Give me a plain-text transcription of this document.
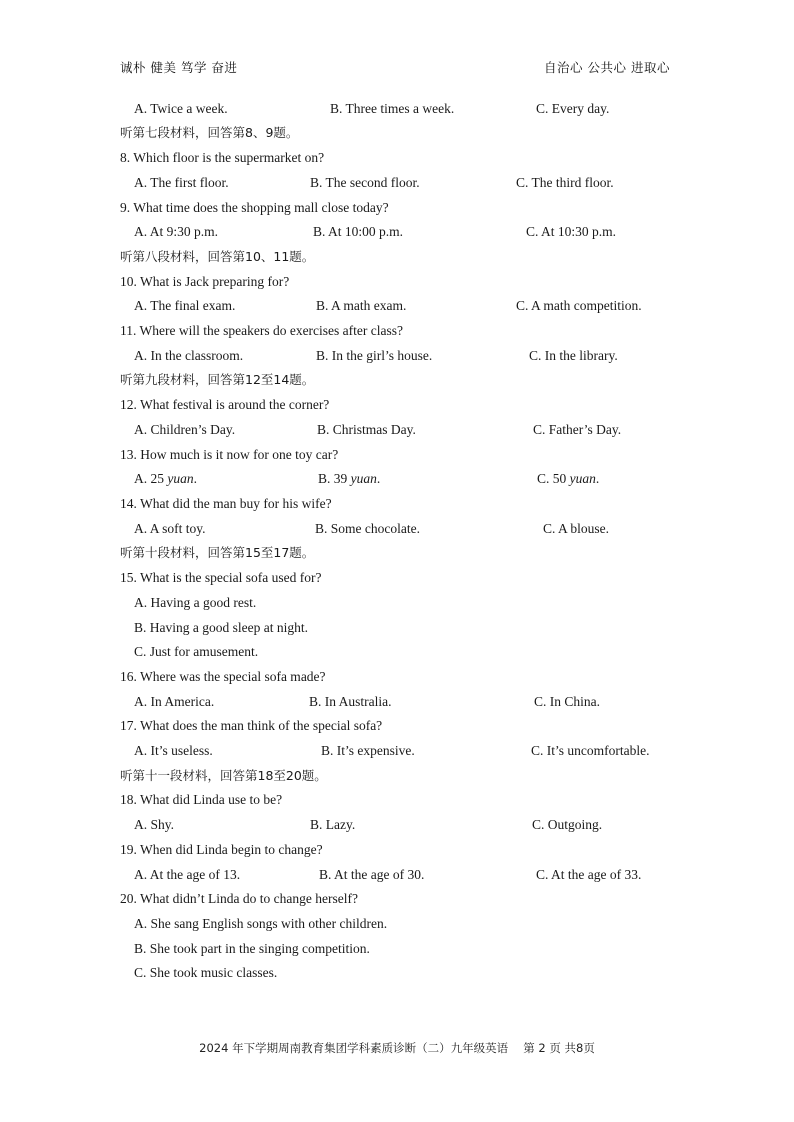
诚朴 健美 笃学 奋进	自治心 公共心 进取心
A. Twice a week.	B. Three times a week.	C. Every day.
听第七段材料，回答第8、9题。
8. Which floor is the supermarket on?
A. The first floor.	B. The second floor.	C. The third floor.
9. What time does the shopping mall close today?
A. At 9:30 p.m.	B. At 10:00 p.m.	C. At 10:30 p.m.
听第八段材料，回答第10、11题。
10. What is Jack preparing for?
A. The final exam.	B. A math exam.	C. A math competition.
11. Where will the speakers do exercises after class?
A. In the classroom.	B. In the girl’s house.	C. In the library.
听第九段材料，回答第12至14题。
12. What festival is around the corner?
A. Children’s Day.	B. Christmas Day.	C. Father’s Day.
13. How much is it now for one toy car?
A. 25 yuan.	B. 39 yuan.	C. 50 yuan.
14. What did the man buy for his wife?
A. A soft toy.	B. Some chocolate.	C. A blouse.
听第十段材料，回答第15至17题。
15. What is the special sofa used for?
A. Having a good rest.
B. Having a good sleep at night.
C. Just for amusement.
16. Where was the special sofa made?
A. In America.	B. In Australia.	C. In China.
17. What does the man think of the special sofa?
A. It’s useless.	B. It’s expensive.	C. It’s uncomfortable.
听第十一段材料，回答第18至20题。
18. What did Linda use to be?
A. Shy.	B. Lazy.	C. Outgoing.
19. When did Linda begin to change?
A. At the age of 13.	B. At the age of 30.	C. At the age of 33.
20. What didn’t Linda do to change herself?
A. She sang English songs with other children.
B. She took part in the singing competition.
C. She took music classes.
2024 年下学期周南教育集团学科素质诊断（二）九年级英语　 第 2 页 共8页
